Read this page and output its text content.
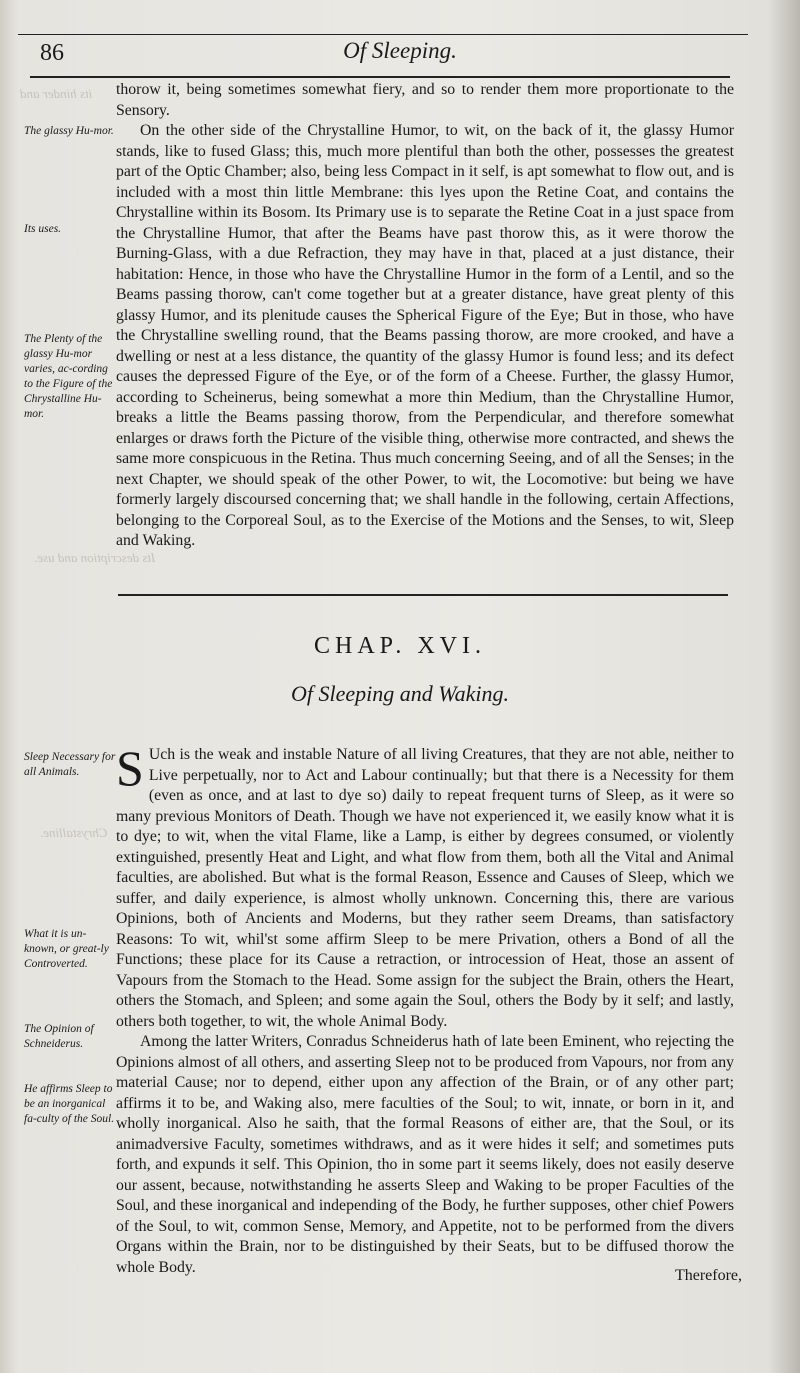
its hinder and
Its description and use.
Chrystalline.
86	Of Sleeping.
The glassy Hu-mor.
Its uses.
The Plenty of the glassy Hu-mor varies, ac-cording to the Figure of the Chrystalline Hu-mor.
Sleep Necessary for all Animals.
What it is un-known, or great-ly Controverted.
The Opinion of Schneiderus.
He affirms Sleep to be an inorganical fa-culty of the Soul.

thorow it, being sometimes somewhat fiery, and so to render them more proportionate to the Sensory.

On the other side of the Chrystalline Humor, to wit, on the back of it, the glassy Humor stands, like to fused Glass; this, much more plentiful than both the other, possesses the greatest part of the Optic Chamber; also, being less Compact in it self, is apt somewhat to flow out, and is included with a most thin little Membrane: this lyes upon the Retine Coat, and contains the Chrystalline within its Bosom. Its Primary use is to separate the Retine Coat in a just space from the Chrystalline Humor, that after the Beams have past thorow this, as it were thorow the Burning-Glass, with a due Refraction, they may have in that, placed at a just distance, their habitation: Hence, in those who have the Chrystalline Humor in the form of a Lentil, and so the Beams passing thorow, can't come together but at a greater distance, have great plenty of this glassy Humor, and its plenitude causes the Spherical Figure of the Eye; But in those, who have the Chrystalline swelling round, that the Beams passing thorow, are more crooked, and have a dwelling or nest at a less distance, the quantity of the glassy Humor is found less; and its defect causes the depressed Figure of the Eye, or of the form of a Cheese. Further, the glassy Humor, according to Scheinerus, being somewhat a more thin Medium, than the Chrystalline Humor, breaks a little the Beams passing thorow, from the Perpendicular, and therefore somewhat enlarges or draws forth the Picture of the visible thing, otherwise more contracted, and shews the same more conspicuous in the Retina. Thus much concerning Seeing, and of all the Senses; in the next Chapter, we should speak of the other Power, to wit, the Locomotive: but being we have formerly largely discoursed concerning that; we shall handle in the following, certain Affections, belonging to the Corporeal Soul, as to the Exercise of the Motions and the Senses, to wit, Sleep and Waking.

CHAP. XVI.
Of Sleeping and Waking.

S Uch is the weak and instable Nature of all living Creatures, that they are not able, neither to Live perpetually, nor to Act and Labour continually; but that there is a Necessity for them (even as once, and at last to dye so) daily to repeat frequent turns of Sleep, as it were so many previous Monitors of Death. Though we have not experienced it, we easily know what it is to dye; to wit, when the vital Flame, like a Lamp, is either by degrees consumed, or violently extinguished, presently Heat and Light, and what flow from them, both all the Vital and Animal faculties, are abolished. But what is the formal Reason, Essence and Causes of Sleep, which we suffer, and daily experience, is almost wholly unknown. Concerning this, there are various Opinions, both of Ancients and Moderns, but they rather seem Dreams, than satisfactory Reasons: To wit, whil'st some affirm Sleep to be mere Privation, others a Bond of all the Functions; these place for its Cause a retraction, or introcession of Heat, those an assent of Vapours from the Stomach to the Head. Some assign for the subject the Brain, others the Heart, others the Stomach, and Spleen; and some again the Soul, others the Body by it self; and lastly, others both together, to wit, the whole Animal Body.

Among the latter Writers, Conradus Schneiderus hath of late been Eminent, who rejecting the Opinions almost of all others, and asserting Sleep not to be produced from Vapours, nor from any material Cause; nor to depend, either upon any affection of the Brain, or of any other part; affirms it to be, and Waking also, mere faculties of the Soul; to wit, innate, or born in it, and wholly inorganical. Also he saith, that the formal Reasons of either are, that the Soul, or its animadversive Faculty, sometimes withdraws, and as it were hides it self; and sometimes puts forth, and expunds it self. This Opinion, tho in some part it seems likely, does not easily deserve our assent, because, notwithstanding he asserts Sleep and Waking to be proper Faculties of the Soul, and these inorganical and independing of the Body, he further supposes, other chief Powers of the Soul, to wit, common Sense, Memory, and Appetite, not to be performed from the divers Organs within the Brain, nor to be distinguished by their Seats, but to be diffused thorow the whole Body.	Therefore,
